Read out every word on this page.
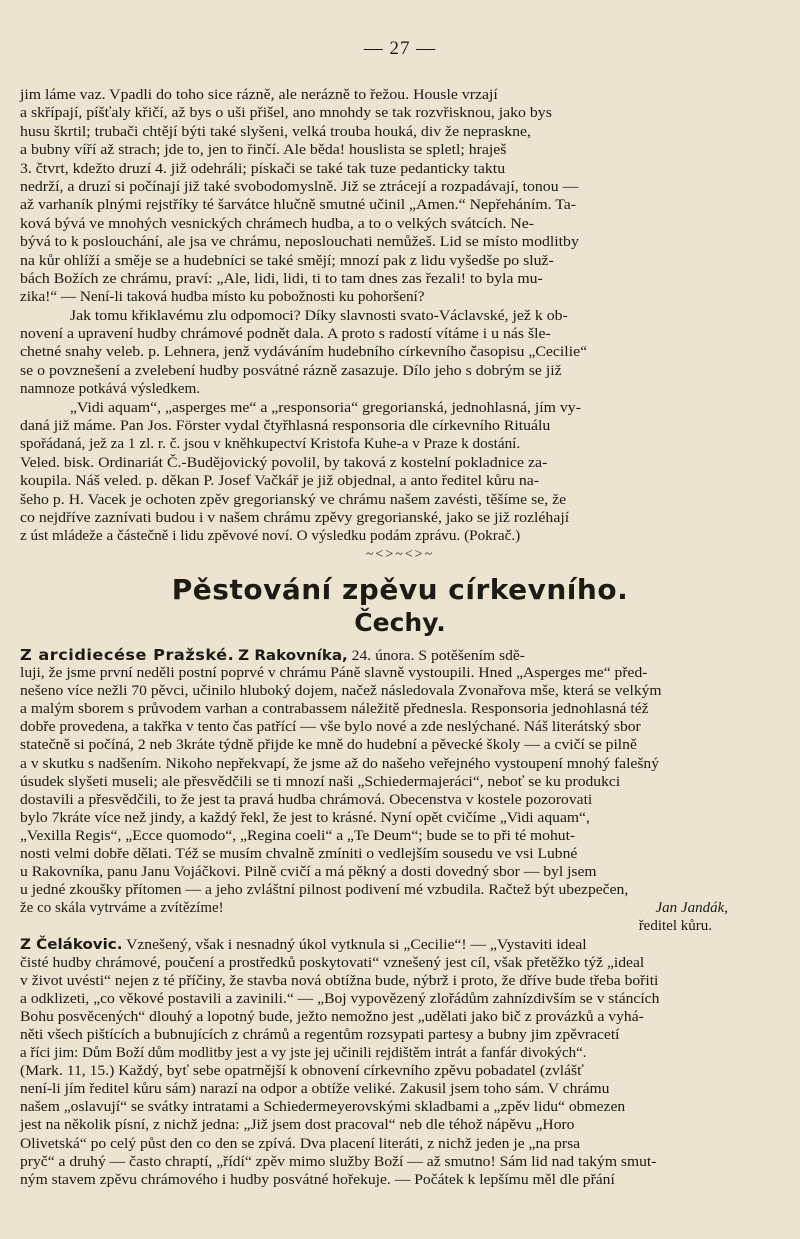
— 27 —
jim láme vaz. Vpadli do toho sice rázně, ale nerázně to řežou. Housle vrzají
a skřípají, píšťaly křičí, až bys o uši přišel, ano mnohdy se tak rozvřisknou, jako bys
husu škrtil; trubači chtějí býti také slyšeni, velká trouba houká, div že nepraskne,
a bubny víří až strach; jde to, jen to řinčí. Ale běda! houslista se spletl; hraješ
3. čtvrt, kdežto druzí 4. již odehráli; pískači se také tak tuze pedanticky taktu
nedrží, a druzí si počínají již také svobodomyslně. Již se ztrácejí a rozpadávají, tonou —
až varhaník plnými rejstříky té šarvátce hlučně smutné učinil „Amen.“ Nepřeháním. Ta-
ková bývá ve mnohých vesnických chrámech hudba, a to o velkých svátcích. Ne-
bývá to k poslouchání, ale jsa ve chrámu, neposlouchati nemůžeš. Lid se místo modlitby
na kůr ohlíží a směje se a hudebníci se také smějí; mnozí pak z lidu vyšedše po služ-
bách Božích ze chrámu, praví: „Ale, lidi, lidi, ti to tam dnes zas řezali! to byla mu-
zika!“ — Není-li taková hudba místo ku pobožnosti ku pohoršení?
Jak tomu křiklavému zlu odpomoci? Díky slavnosti svato-Václavské, jež k ob-
novení a upravení hudby chrámové podnět dala. A proto s radostí vítáme i u nás šle-
chetné snahy veleb. p. Lehnera, jenž vydáváním hudebního církevního časopisu „Cecilie“
se o povznešení a zvelebení hudby posvátné rázně zasazuje. Dílo jeho s dobrým se již
namnoze potkává výsledkem.
„Vidi aquam“, „asperges me“ a „responsoria“ gregorianská, jednohlasná, jím vy-
daná již máme. Pan Jos. Förster vydal čtyřhlasná responsoria dle církevního Rituálu
spořádaná, jež za 1 zl. r. č. jsou v kněhkupectví Kristofa Kuhe-a v Praze k dostání.
Veled. bisk. Ordinariát Č.-Budějovický povolil, by taková z kostelní pokladnice za-
koupila. Náš veled. p. děkan P. Josef Vačkář je již objednal, a anto ředitel kůru na-
šeho p. H. Vacek je ochoten zpěv gregorianský ve chrámu našem zavésti, těšíme se, že
co nejdříve zaznívati budou i v našem chrámu zpěvy gregorianské, jako se již rozléhají
z úst mládeže a částečně i lidu zpěvové noví. O výsledku podám zprávu. (Pokrač.)
~<>~<>~
Pěstování zpěvu církevního.
Čechy.
Z arcidiecése Pražské. Z Rakovníka, 24. února. S potěšením sdě-
luji, že jsme první neděli postní poprvé v chrámu Páně slavně vystoupili. Hned „Asperges me“ před-
nešeno více nežli 70 pěvci, učinilo hluboký dojem, načež následovala Zvonařova mše, která se velkým
a malým sborem s průvodem varhan a contrabassem náležitě přednesla. Responsoria jednohlasná též
dobře provedena, a takřka v tento čas patřící — vše bylo nové a zde neslýchané. Náš literátský sbor
statečně si počíná, 2 neb 3kráte týdně přijde ke mně do hudební a pěvecké školy — a cvičí se pilně
a v skutku s nadšením. Nikoho nepřekvapí, že jsme až do našeho veřejného vystoupení mnohý falešný
úsudek slyšeti museli; ale přesvědčili se ti mnozí naši „Schiedermajeráci“, neboť se ku produkci
dostavili a přesvědčili, to že jest ta pravá hudba chrámová. Obecenstva v kostele pozorovati
bylo 7kráte více než jindy, a každý řekl, že jest to krásné. Nyní opět cvičíme „Vidi aquam“,
„Vexilla Regis“, „Ecce quomodo“, „Regina coeli“ a „Te Deum“; bude se to při té mohut-
nosti velmi dobře dělati. Též se musím chvalně zmíniti o vedlejším sousedu ve vsi Lubné
u Rakovníka, panu Janu Vojáčkovi. Pilně cvičí a má pěkný a dosti dovedný sbor — byl jsem
u jedné zkoušky přítomen — a jeho zvláštní pilnost podivení mé vzbudila. Račtež být ubezpečen,
že co skála vytrváme a zvítězíme!	Jan Jandák,
ředitel kůru.
Z Čelákovic. Vznešený, však i nesnadný úkol vytknula si „Cecilie“! — „Vystaviti ideal
čisté hudby chrámové, poučení a prostředků poskytovati“ vznešený jest cíl, však přetěžko týž „ideal
v život uvésti“ nejen z té příčiny, že stavba nová obtížna bude, nýbrž i proto, že dříve bude třeba bořiti
a odklizeti, „co věkové postavili a zavinili.“ — „Boj vypovězený zlořádům zahnízdivším se v stáncích
Bohu posvěcených“ dlouhý a lopotný bude, ježto nemožno jest „udělati jako bič z provázků a vyhá-
něti všech pištících a bubnujících z chrámů a regentům rozsypati partesy a bubny jim zpěvracetí
a říci jim: Dům Boží dům modlitby jest a vy jste jej učinili rejdištěm intrát a fanfár divokých“.
(Mark. 11, 15.) Každý, byť sebe opatrnější k obnovení církevního zpěvu pobadatel (zvlášť
není-li jím ředitel kůru sám) narazí na odpor a obtíže veliké. Zakusil jsem toho sám. V chrámu
našem „oslavují“ se svátky intratami a Schiedermeyerovskými skladbami a „zpěv lidu“ obmezen
jest na několik písní, z nichž jedna: „Již jsem dost pracoval“ neb dle téhož nápěvu „Horo
Olivetská“ po celý půst den co den se zpívá. Dva placení literáti, z nichž jeden je „na prsa
pryč“ a druhý — často chraptí, „řídí“ zpěv mimo služby Boží — až smutno! Sám lid nad takým smut-
ným stavem zpěvu chrámového i hudby posvátné hořekuje. — Počátek k lepšímu měl dle přání
